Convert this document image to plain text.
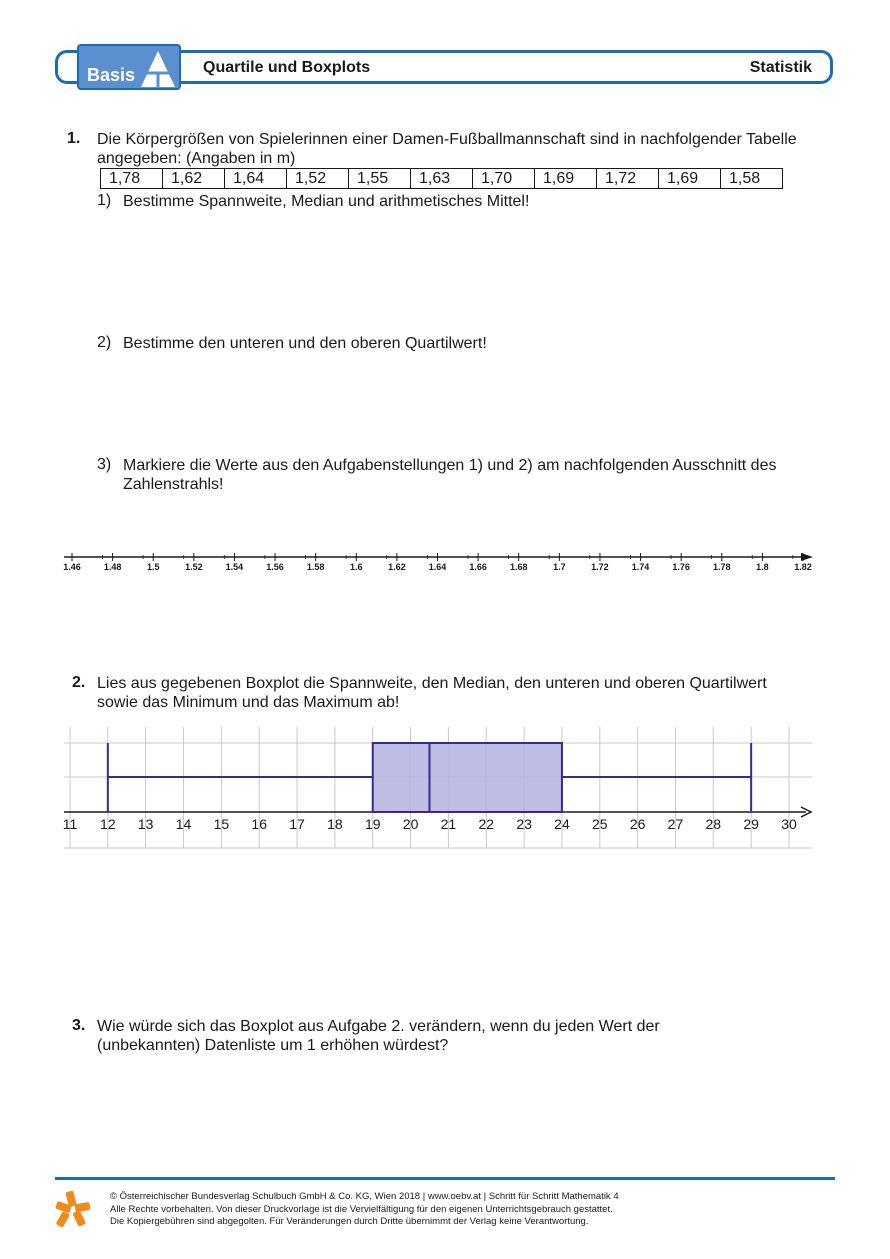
Basis	Quartile und Boxplots	Statistik
1. Die Körpergrößen von Spielerinnen einer Damen-Fußballmannschaft sind in nachfolgender Tabelle angegeben: (Angaben in m)

1,78	1,62	1,64	1,52	1,55	1,63	1,70	1,69	1,72	1,69	1,58
1) Bestimme Spannweite, Median und arithmetisches Mittel!
2) Bestimme den unteren und den oberen Quartilwert!
3) Markiere die Werte aus den Aufgabenstellungen 1) und 2) am nachfolgenden Ausschnitt des Zahlenstrahls!
1.46	1.48	1.5	1.52	1.54	1.56	1.58	1.6	1.62	1.64	1.66	1.68	1.7	1.72	1.74	1.76	1.78	1.8	1.82
2. Lies aus gegebenen Boxplot die Spannweite, den Median, den unteren und oberen Quartilwert sowie das Minimum und das Maximum ab!

11 12 13 14 15 16 17 18 19 20 21 22 23 24 25 26 27 28 29 30
3. Wie würde sich das Boxplot aus Aufgabe 2. verändern, wenn du jeden Wert der (unbekannten) Datenliste um 1 erhöhen würdest?

© Österreichischer Bundesverlag Schulbuch GmbH & Co. KG, Wien 2018 | www.oebv.at | Schritt für Schritt Mathematik 4
Alle Rechte vorbehalten. Von dieser Druckvorlage ist die Vervielfältigung für den eigenen Unterrichtsgebrauch gestattet.
Die Kopiergebühren sind abgegolten. Für Veränderungen durch Dritte übernimmt der Verlag keine Verantwortung.
